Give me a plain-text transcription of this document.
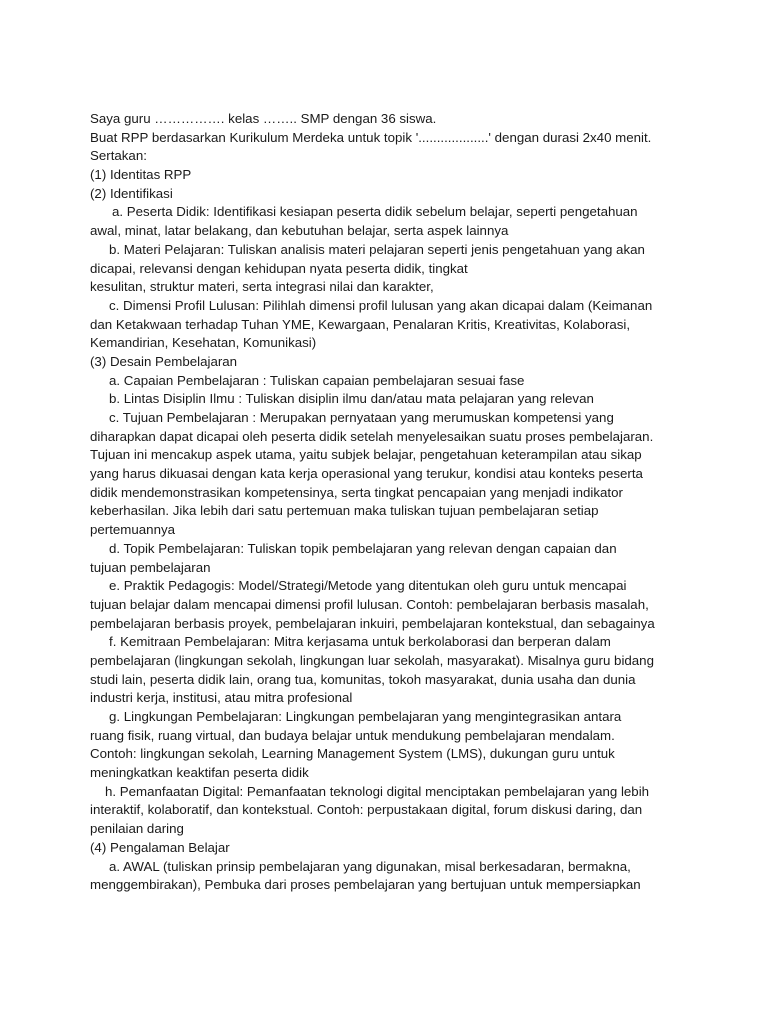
Saya guru ……………. kelas …….. SMP dengan 36 siswa.
Buat RPP berdasarkan Kurikulum Merdeka untuk topik '...................' dengan durasi 2x40 menit.
Sertakan:
(1) Identitas RPP
(2) Identifikasi
a. Peserta Didik: Identifikasi kesiapan peserta didik sebelum belajar, seperti pengetahuan
awal, minat, latar belakang, dan kebutuhan belajar, serta aspek lainnya
b. Materi Pelajaran: Tuliskan analisis materi pelajaran seperti jenis pengetahuan yang akan
dicapai, relevansi dengan kehidupan nyata peserta didik, tingkat
kesulitan, struktur materi, serta integrasi nilai dan karakter,
c. Dimensi Profil Lulusan: Pilihlah dimensi profil lulusan yang akan dicapai dalam (Keimanan
dan Ketakwaan terhadap Tuhan YME, Kewargaan, Penalaran Kritis, Kreativitas, Kolaborasi,
Kemandirian, Kesehatan, Komunikasi)
(3) Desain Pembelajaran
a. Capaian Pembelajaran : Tuliskan capaian pembelajaran sesuai fase
b. Lintas Disiplin Ilmu : Tuliskan disiplin ilmu dan/atau mata pelajaran yang relevan
c. Tujuan Pembelajaran : Merupakan pernyataan yang merumuskan kompetensi yang
diharapkan dapat dicapai oleh peserta didik setelah menyelesaikan suatu proses pembelajaran.
Tujuan ini mencakup aspek utama, yaitu subjek belajar, pengetahuan keterampilan atau sikap
yang harus dikuasai dengan kata kerja operasional yang terukur, kondisi atau konteks peserta
didik mendemonstrasikan kompetensinya, serta tingkat pencapaian yang menjadi indikator
keberhasilan. Jika lebih dari satu pertemuan maka tuliskan tujuan pembelajaran setiap
pertemuannya
d. Topik Pembelajaran: Tuliskan topik pembelajaran yang relevan dengan capaian dan
tujuan pembelajaran
e. Praktik Pedagogis: Model/Strategi/Metode yang ditentukan oleh guru untuk mencapai
tujuan belajar dalam mencapai dimensi profil lulusan. Contoh: pembelajaran berbasis masalah,
pembelajaran berbasis proyek, pembelajaran inkuiri, pembelajaran kontekstual, dan sebagainya
f. Kemitraan Pembelajaran: Mitra kerjasama untuk berkolaborasi dan berperan dalam
pembelajaran (lingkungan sekolah, lingkungan luar sekolah, masyarakat). Misalnya guru bidang
studi lain, peserta didik lain, orang tua, komunitas, tokoh masyarakat, dunia usaha dan dunia
industri kerja, institusi, atau mitra profesional
g. Lingkungan Pembelajaran: Lingkungan pembelajaran yang mengintegrasikan antara
ruang fisik, ruang virtual, dan budaya belajar untuk mendukung pembelajaran mendalam.
Contoh: lingkungan sekolah, Learning Management System (LMS), dukungan guru untuk
meningkatkan keaktifan peserta didik
h. Pemanfaatan Digital: Pemanfaatan teknologi digital menciptakan pembelajaran yang lebih
interaktif, kolaboratif, dan kontekstual. Contoh: perpustakaan digital, forum diskusi daring, dan
penilaian daring
(4) Pengalaman Belajar
a. AWAL (tuliskan prinsip pembelajaran yang digunakan, misal berkesadaran, bermakna,
menggembirakan), Pembuka dari proses pembelajaran yang bertujuan untuk mempersiapkan
